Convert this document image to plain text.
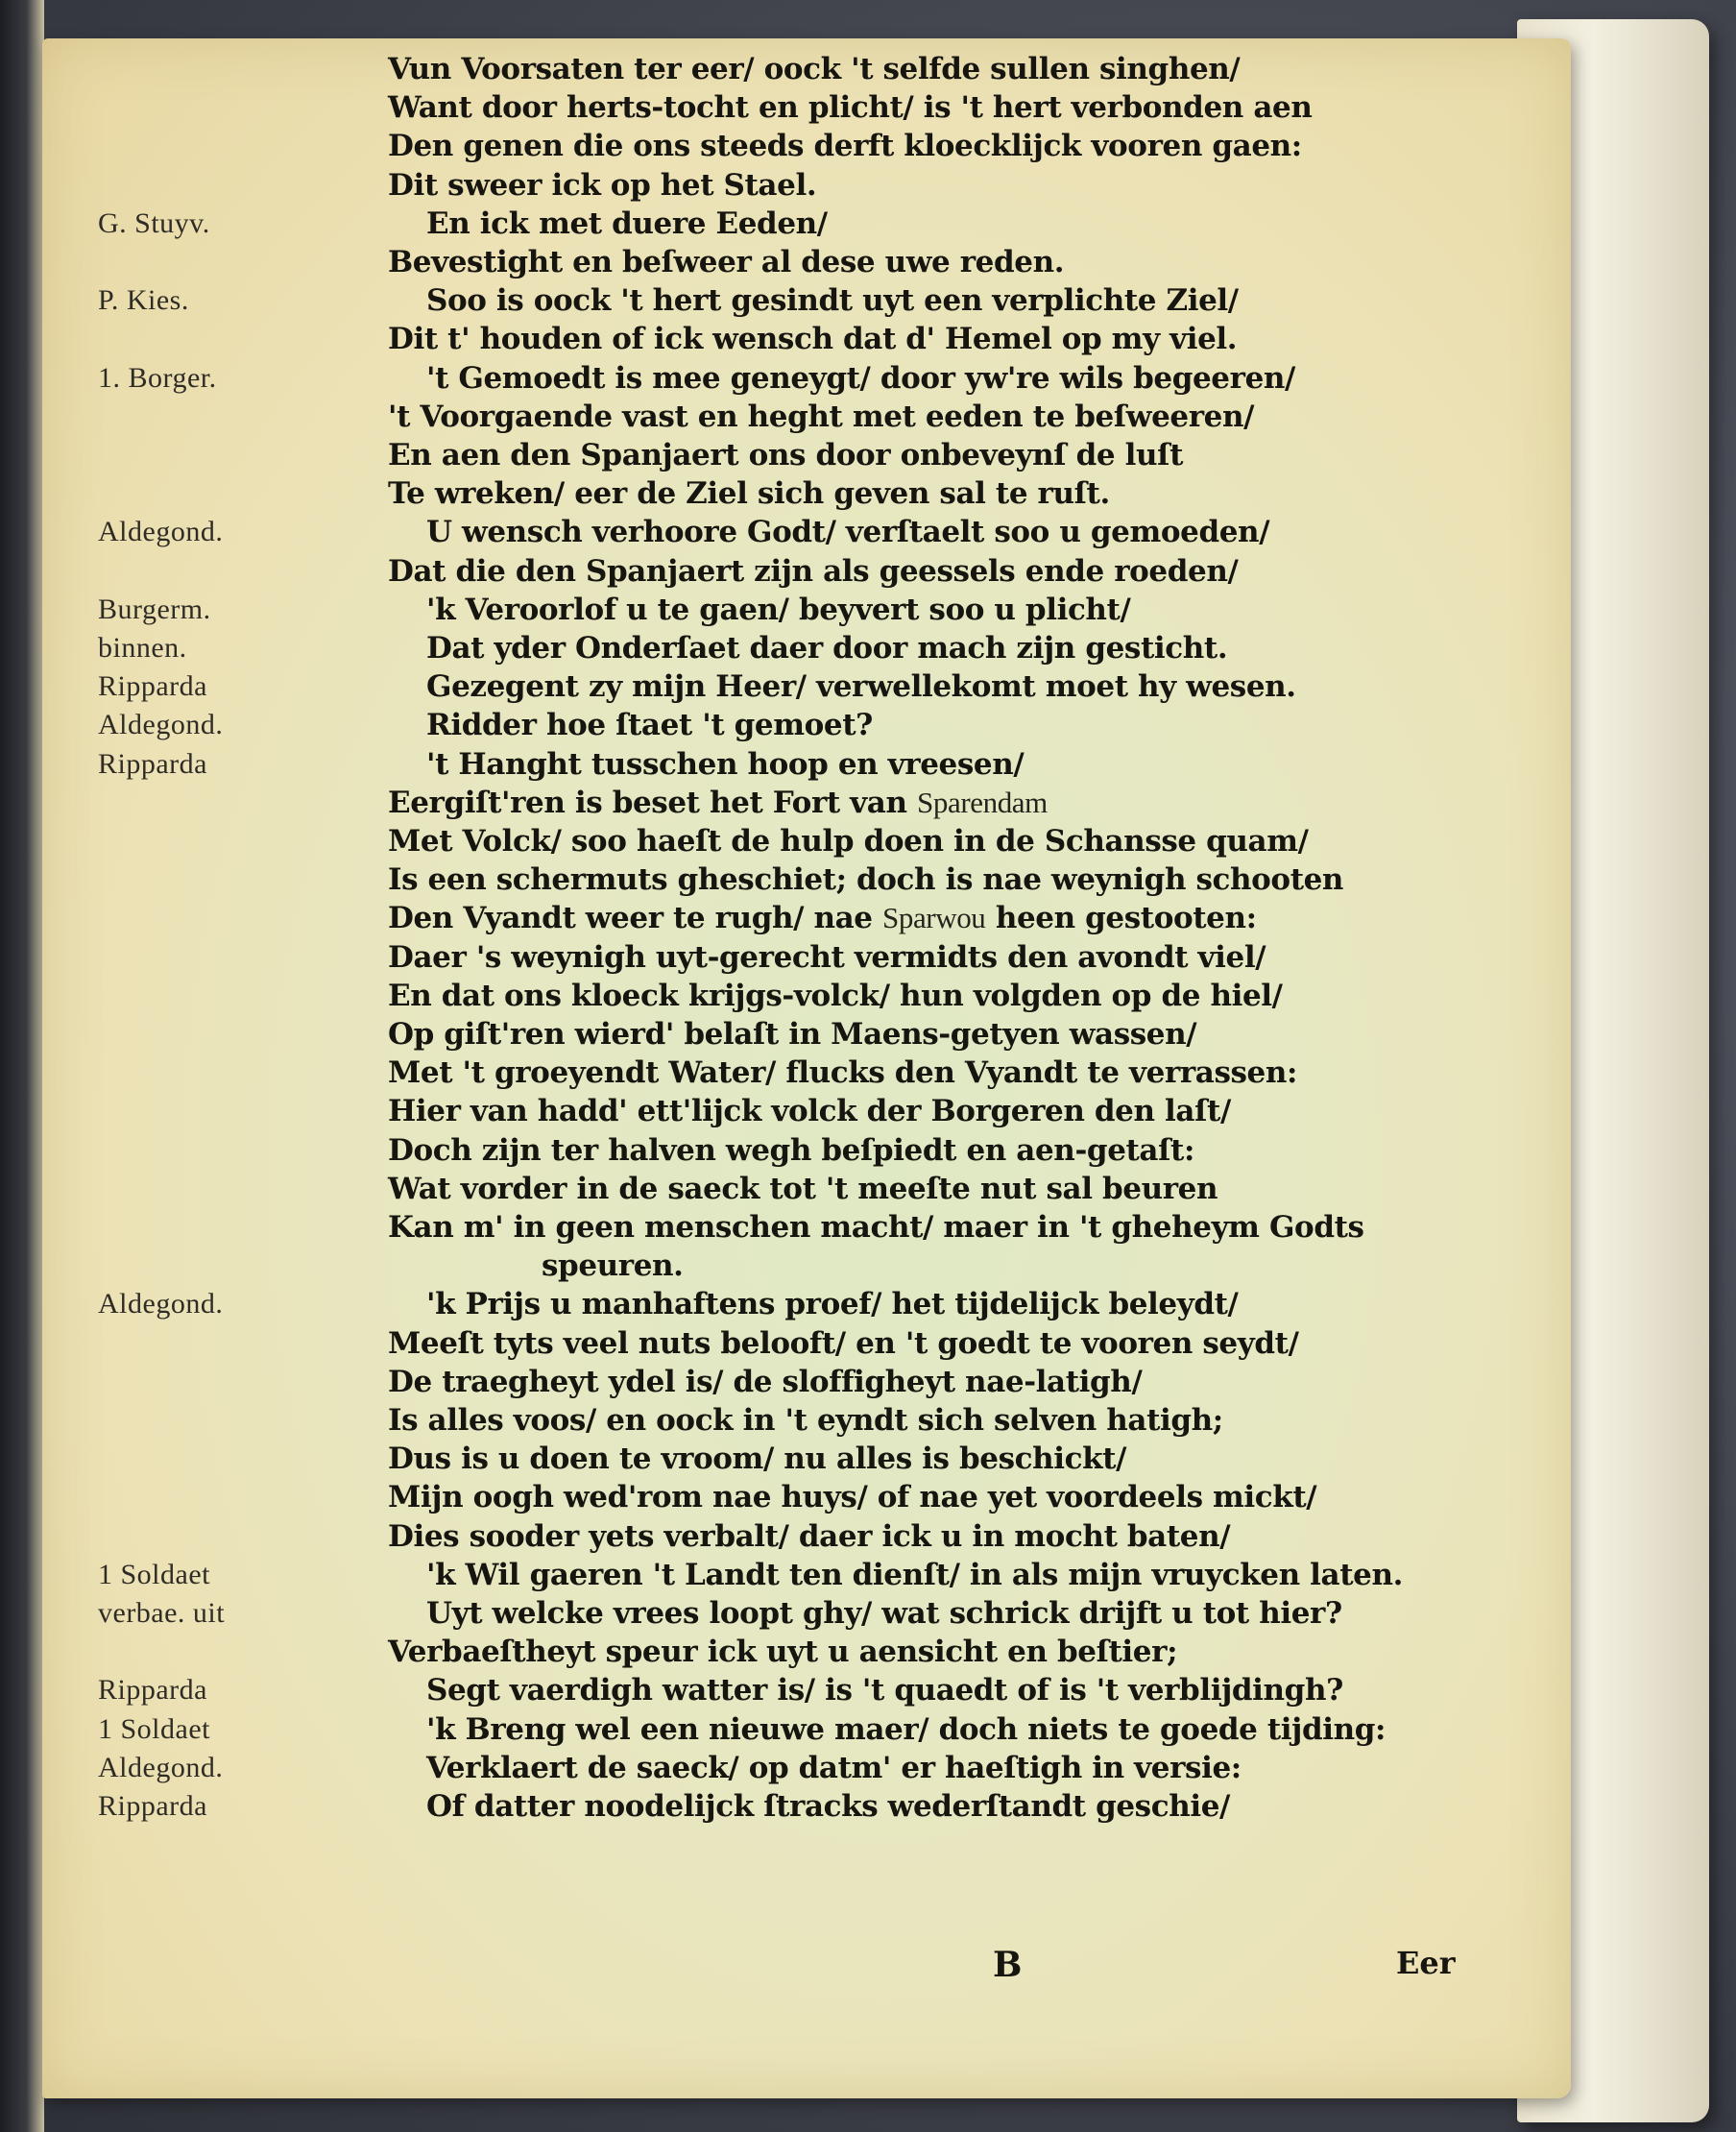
Vun Voorsaten ter eer/ oock 't selfde sullen singhen/
Want door herts-tocht en plicht/ is 't hert verbonden aen
Den genen die ons steeds derft kloecklijck vooren gaen:
Dit sweer ick op het Stael.
G. Stuyv.	En ick met duere Eeden/
Bevestight en beſweer al dese uwe reden.
P. Kies.	Soo is oock 't hert gesindt uyt een verplichte Ziel/
Dit t' houden of ick wensch dat d' Hemel op my viel.
1. Borger.	't Gemoedt is mee geneygt/ door yw're wils begeeren/
't Voorgaende vast en heght met eeden te beſweeren/
En aen den Spanjaert ons door onbeveynſ de luſt
Te wreken/ eer de Ziel sich geven sal te ruſt.
Aldegond.	U wensch verhoore Godt/ verſtaelt soo u gemoeden/
Dat die den Spanjaert zijn als geessels ende roeden/
Burgerm.	'k Veroorlof u te gaen/ beyvert soo u plicht/
binnen.	Dat yder Onderſaet daer door mach zijn gesticht.
Ripparda	Gezegent zy mijn Heer/ verwellekomt moet hy wesen.
Aldegond.	Ridder hoe ſtaet 't gemoet?
Ripparda	't Hanght tusschen hoop en vreesen/
Eergiſt'ren is beset het Fort van Sparendam
Met Volck/ soo haeſt de hulp doen in de Schansse quam/
Is een schermuts gheschiet; doch is nae weynigh schooten
Den Vyandt weer te rugh/ nae Sparwou heen gestooten:
Daer 's weynigh uyt-gerecht vermidts den avondt viel/
En dat ons kloeck krijgs-volck/ hun volgden op de hiel/
Op giſt'ren wierd' belaſt in Maens-getyen wassen/
Met 't groeyendt Water/ flucks den Vyandt te verrassen:
Hier van hadd' ett'lijck volck der Borgeren den laſt/
Doch zijn ter halven wegh beſpiedt en aen-getaſt:
Wat vorder in de saeck tot 't meeſte nut sal beuren
Kan m' in geen menschen macht/ maer in 't gheheym Godts
speuren.
Aldegond.	'k Prijs u manhaftens proef/ het tijdelijck beleydt/
Meeſt tyts veel nuts belooft/ en 't goedt te vooren seydt/
De traegheyt ydel is/ de sloffigheyt nae-latigh/
Is alles voos/ en oock in 't eyndt sich selven hatigh;
Dus is u doen te vroom/ nu alles is beschickt/
Mijn oogh wed'rom nae huys/ of nae yet voordeels mickt/
Dies sooder yets verbalt/ daer ick u in mocht baten/
1 Soldaet	'k Wil gaeren 't Landt ten dienſt/ in als mijn vruycken laten.
verbae. uit	Uyt welcke vrees loopt ghy/ wat schrick drijft u tot hier?
Verbaeſtheyt speur ick uyt u aensicht en beſtier;
Ripparda	Segt vaerdigh watter is/ is 't quaedt of is 't verblijdingh?
1 Soldaet	'k Breng wel een nieuwe maer/ doch niets te goede tijding:
Aldegond.	Verklaert de saeck/ op datm' er haeſtigh in versie:
Ripparda	Of datter noodelijck ſtracks wederſtandt geschie/
B	Eer
